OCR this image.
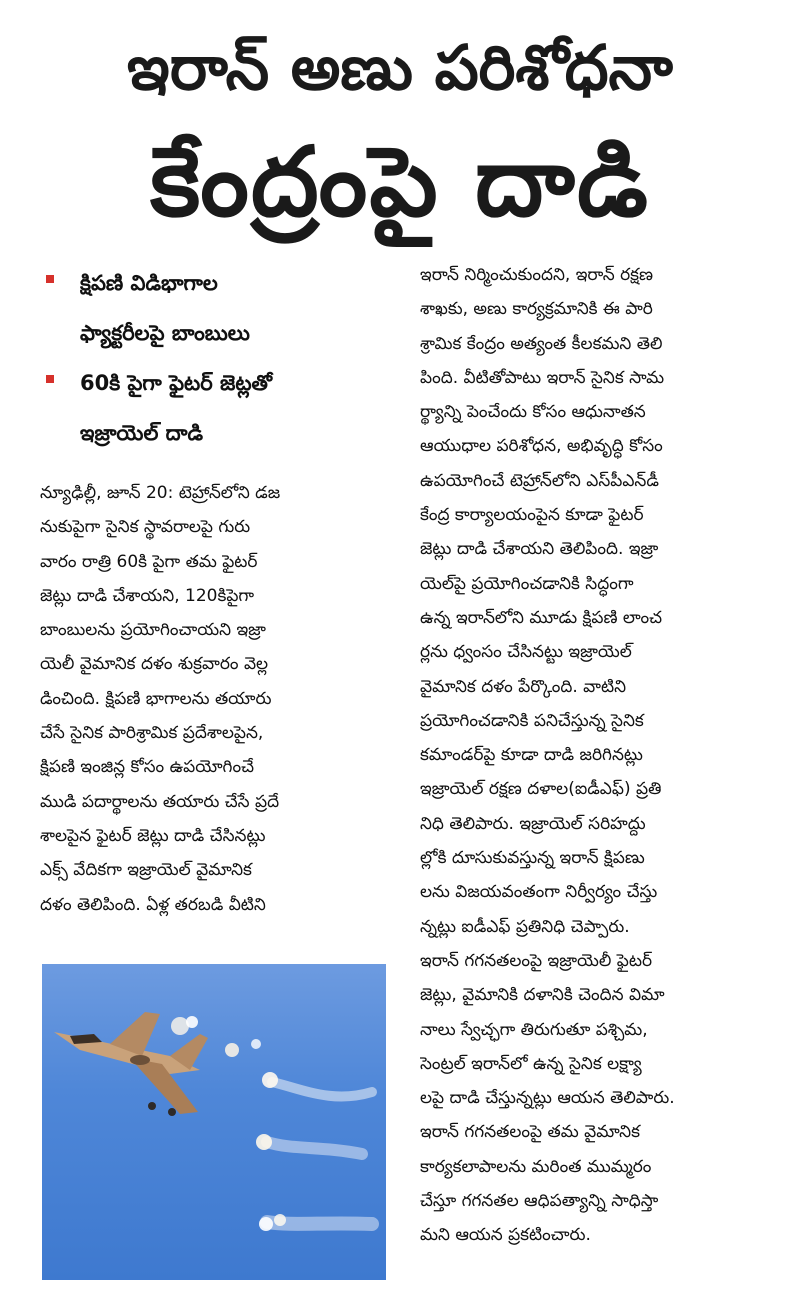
ఇరాన్ అణు పరిశోధనా
కేంద్రంపై దాడి
క్షిపణి విడిభాగాల
ఫ్యాక్టరీలపై బాంబులు
60కి పైగా ఫైటర్ జెట్లతో
ఇజ్రాయెల్ దాడి
న్యూఢిల్లీ, జూన్ 20: టెహ్రాన్‌లోని డజ
నుకుపైగా సైనిక స్థావరాలపై గురు
వారం రాత్రి 60కి పైగా తమ ఫైటర్
జెట్లు దాడి చేశాయని, 120కిపైగా
బాంబులను ప్రయోగించాయని ఇజ్రా
యెలీ వైమానిక దళం శుక్రవారం వెల్ల
డించింది. క్షిపణి భాగాలను తయారు
చేసే సైనిక పారిశ్రామిక ప్రదేశాలపైన,
క్షిపణి ఇంజిన్ల కోసం ఉపయోగించే
ముడి పదార్థాలను తయారు చేసే ప్రదే
శాలపైన ఫైటర్ జెట్లు దాడి చేసినట్లు
ఎక్స్ వేదికగా ఇజ్రాయెల్ వైమానిక
దళం తెలిపింది. ఏళ్ల తరబడి వీటిని
ఇరాన్ నిర్మించుకుందని, ఇరాన్ రక్షణ
శాఖకు, అణు కార్యక్రమానికి ఈ పారి
శ్రామిక కేంద్రం అత్యంత కీలకమని తెలి
పింది. వీటితోపాటు ఇరాన్ సైనిక సామ
ర్థ్యాన్ని పెంచేందు కోసం ఆధునాతన
ఆయుధాల పరిశోధన, అభివృద్ధి కోసం
ఉపయోగించే టెహ్రాన్‌లోని ఎస్‌పీఎన్‌డీ
కేంద్ర కార్యాలయంపైన కూడా ఫైటర్
జెట్లు దాడి చేశాయని తెలిపింది. ఇజ్రా
యెల్‌పై ప్రయోగించడానికి సిద్ధంగా
ఉన్న ఇరాన్‌లోని మూడు క్షిపణి లాంచ
ర్లను ధ్వంసం చేసినట్టు ఇజ్రాయెల్
వైమానిక దళం పేర్కొంది. వాటిని
ప్రయోగించడానికి పనిచేస్తున్న సైనిక
కమాండర్‌పై కూడా దాడి జరిగినట్లు
ఇజ్రాయెల్ రక్షణ దళాల(ఐడీఎఫ్) ప్రతి
నిధి తెలిపారు. ఇజ్రాయెల్ సరిహద్దు
ల్లోకి దూసుకువస్తున్న ఇరాన్ క్షిపణు
లను విజయవంతంగా నిర్వీర్యం చేస్తు
న్నట్లు ఐడీఎఫ్ ప్రతినిధి చెప్పారు.
ఇరాన్ గగనతలంపై ఇజ్రాయెలీ ఫైటర్
జెట్లు, వైమానికి దళానికి చెందిన విమా
నాలు స్వేచ్ఛగా తిరుగుతూ పశ్చిమ,
సెంట్రల్ ఇరాన్‌లో ఉన్న సైనిక లక్ష్యా
లపై దాడి చేస్తున్నట్లు ఆయన తెలిపారు.
ఇరాన్ గగనతలంపై తమ వైమానిక
కార్యకలాపాలను మరింత ముమ్మరం
చేస్తూ గగనతల ఆధిపత్యాన్ని సాధిస్తా
మని ఆయన ప్రకటించారు.
